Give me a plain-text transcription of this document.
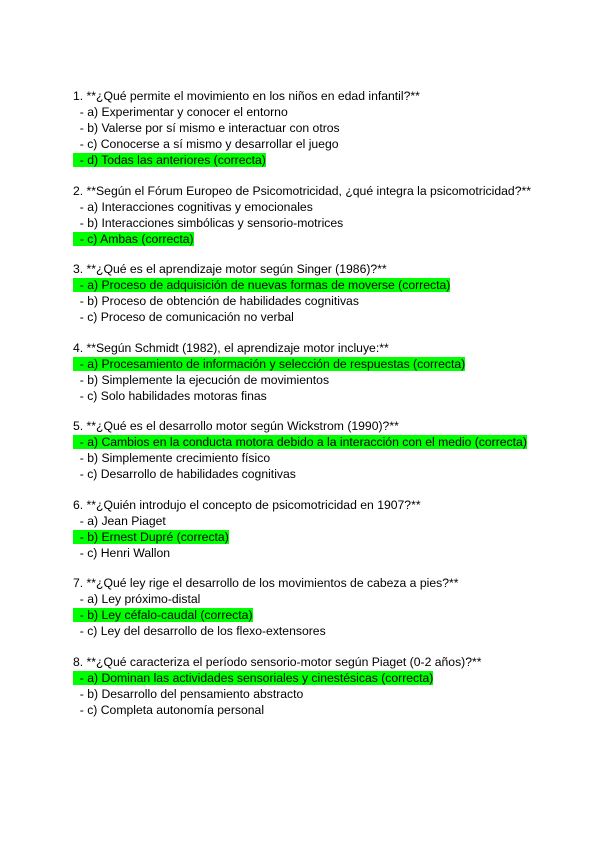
1. **¿Qué permite el movimiento en los niños en edad infantil?**
- a) Experimentar y conocer el entorno
- b) Valerse por sí mismo e interactuar con otros
- c) Conocerse a sí mismo y desarrollar el juego
- d) Todas las anteriores (correcta)
2. **Según el Fórum Europeo de Psicomotricidad, ¿qué integra la psicomotricidad?**
- a) Interacciones cognitivas y emocionales
- b) Interacciones simbólicas y sensorio-motrices
- c) Ambas (correcta)
3. **¿Qué es el aprendizaje motor según Singer (1986)?**
- a) Proceso de adquisición de nuevas formas de moverse (correcta)
- b) Proceso de obtención de habilidades cognitivas
- c) Proceso de comunicación no verbal
4. **Según Schmidt (1982), el aprendizaje motor incluye:**
- a) Procesamiento de información y selección de respuestas (correcta)
- b) Simplemente la ejecución de movimientos
- c) Solo habilidades motoras finas
5. **¿Qué es el desarrollo motor según Wickstrom (1990)?**
- a) Cambios en la conducta motora debido a la interacción con el medio (correcta)
- b) Simplemente crecimiento físico
- c) Desarrollo de habilidades cognitivas
6. **¿Quién introdujo el concepto de psicomotricidad en 1907?**
- a) Jean Piaget
- b) Ernest Dupré (correcta)
- c) Henri Wallon
7. **¿Qué ley rige el desarrollo de los movimientos de cabeza a pies?**
- a) Ley próximo-distal
- b) Ley céfalo-caudal (correcta)
- c) Ley del desarrollo de los flexo-extensores
8. **¿Qué caracteriza el período sensorio-motor según Piaget (0-2 años)?**
- a) Dominan las actividades sensoriales y cinestésicas (correcta)
- b) Desarrollo del pensamiento abstracto
- c) Completa autonomía personal
